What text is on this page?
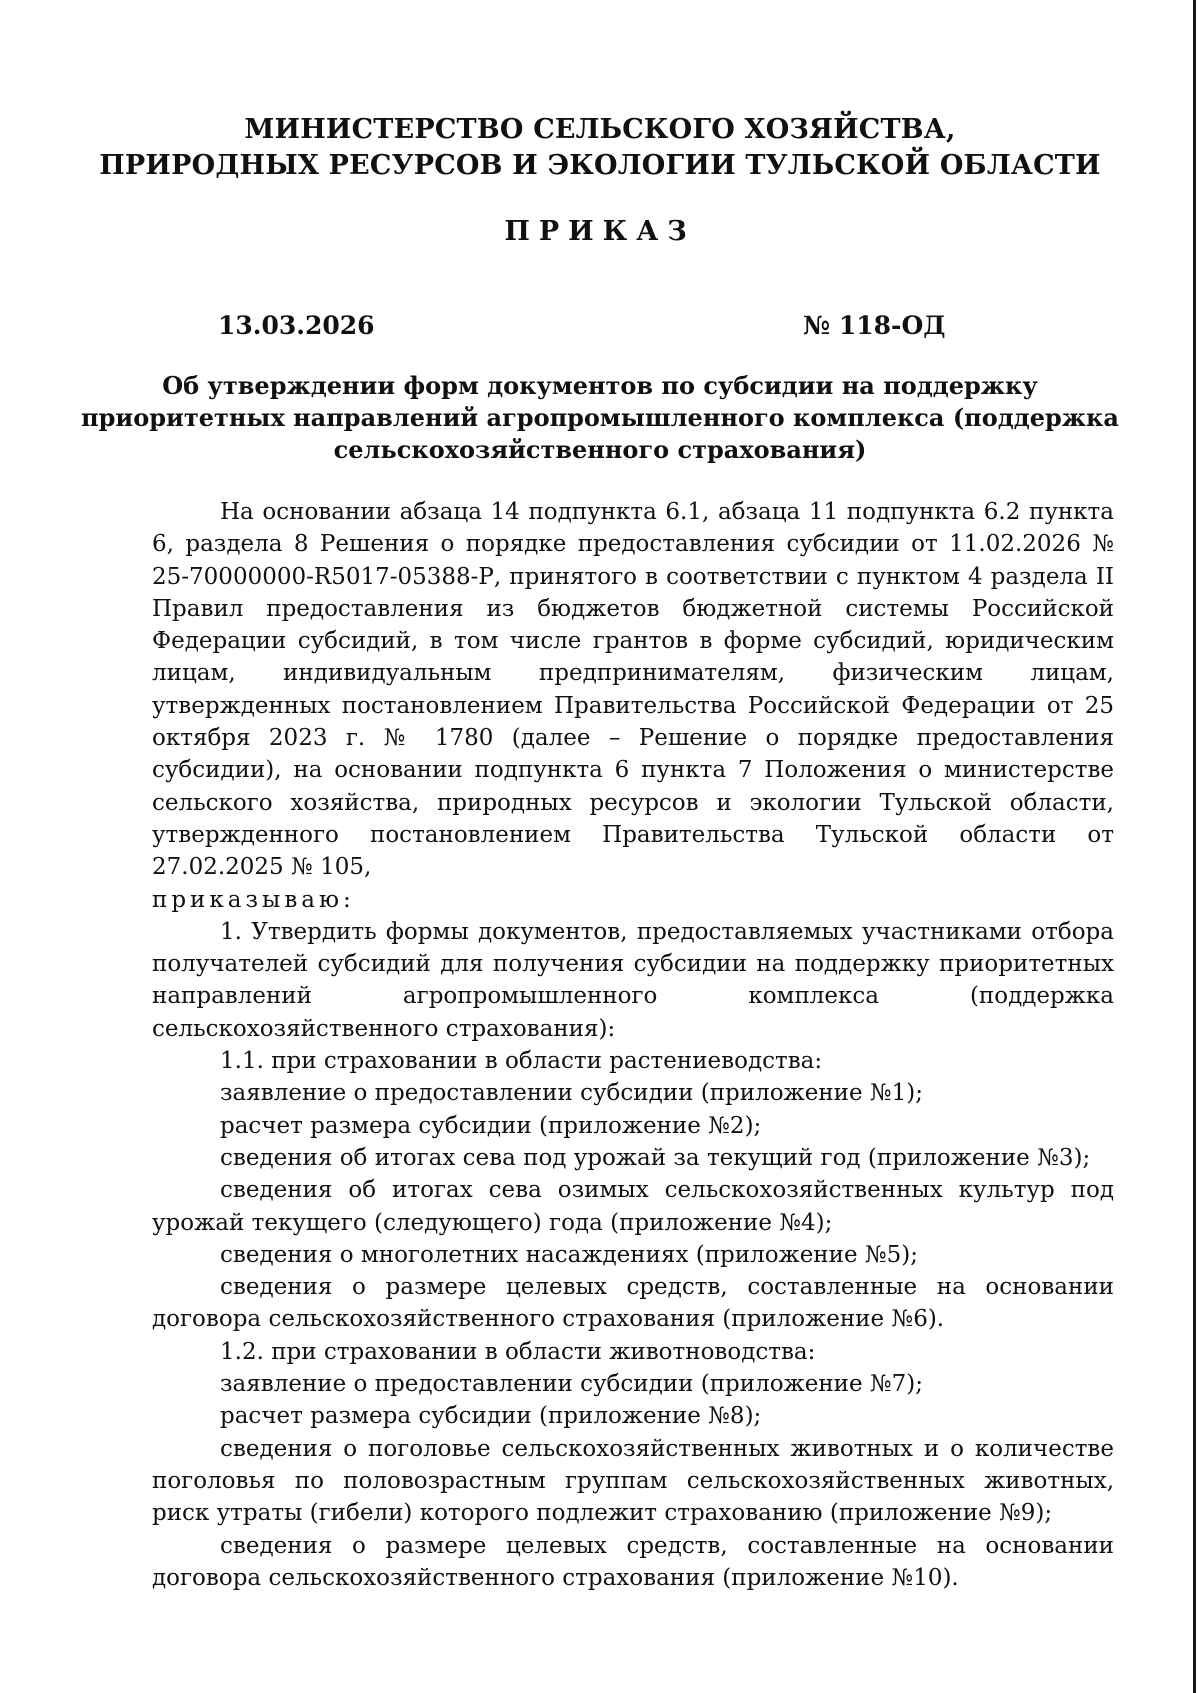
МИНИСТЕРСТВО СЕЛЬСКОГО ХОЗЯЙСТВА,
ПРИРОДНЫХ РЕСУРСОВ И ЭКОЛОГИИ ТУЛЬСКОЙ ОБЛАСТИ
ПРИКАЗ
13.03.2026	№ 118-ОД
Об утверждении форм документов по субсидии на поддержку
приоритетных направлений агропромышленного комплекса (поддержка
сельскохозяйственного страхования)

На основании абзаца 14 подпункта 6.1, абзаца 11 подпункта 6.2 пункта 6, раздела 8 Решения о порядке предоставления субсидии от 11.02.2026 № 25-70000000-R5017-05388-Р, принятого в соответствии с пунктом 4 раздела II Правил предоставления из бюджетов бюджетной системы Российской Федерации субсидий, в том числе грантов в форме субсидий, юридическим лицам, индивидуальным предпринимателям, физическим лицам, утвержденных постановлением Правительства Российской Федерации от 25 октября 2023 г. № 1780 (далее – Решение о порядке предоставления субсидии), на основании подпункта 6 пункта 7 Положения о министерстве сельского хозяйства, природных ресурсов и экологии Тульской области, утвержденного постановлением Правительства Тульской области от 27.02.2025 № 105,
приказываю:

1. Утвердить формы документов, предоставляемых участниками отбора получателей субсидий для получения субсидии на поддержку приоритетных направлений агропромышленного комплекса (поддержка сельскохозяйственного страхования):

1.1. при страховании в области растениеводства:

заявление о предоставлении субсидии (приложение №1);

расчет размера субсидии (приложение №2);

сведения об итогах сева под урожай за текущий год (приложение №3);

сведения об итогах сева озимых сельскохозяйственных культур под урожай текущего (следующего) года (приложение №4);

сведения о многолетних насаждениях (приложение №5);

сведения о размере целевых средств, составленные на основании договора сельскохозяйственного страхования (приложение №6).

1.2. при страховании в области животноводства:

заявление о предоставлении субсидии (приложение №7);

расчет размера субсидии (приложение №8);

сведения о поголовье сельскохозяйственных животных и о количестве поголовья по половозрастным группам сельскохозяйственных животных, риск утраты (гибели) которого подлежит страхованию (приложение №9);

сведения о размере целевых средств, составленные на основании договора сельскохозяйственного страхования (приложение №10).
